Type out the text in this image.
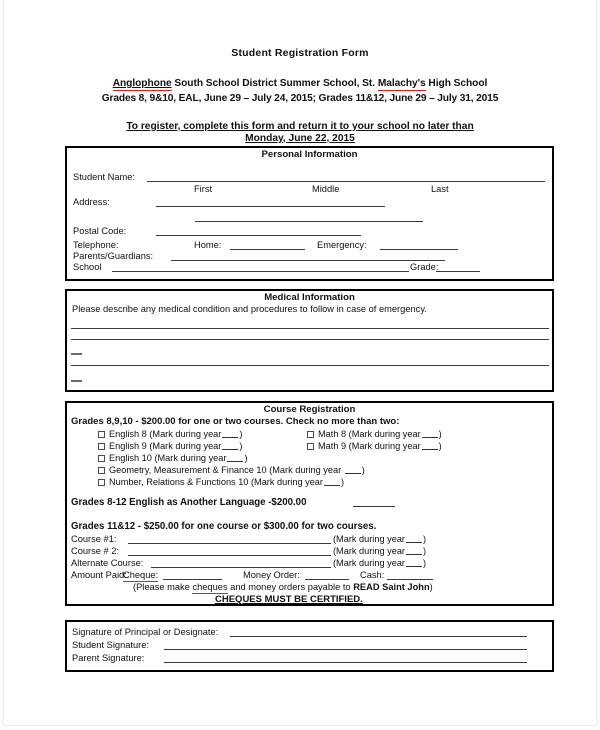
Student Registration Form
Anglophone South School District Summer School, St. Malachy's High School
Grades 8, 9&10, EAL, June 29 – July 24, 2015; Grades 11&12, June 29 – July 31, 2015
To register, complete this form and return it to your school no later than
Monday, June 22, 2015
Personal Information
Student Name:
First	Middle	Last
Address:
Postal Code:
Telephone:	Home:	Emergency:
Parents/Guardians:
School	Grade:
Medical Information
Please describe any medical condition and procedures to follow in case of emergency.
Course Registration
Grades 8,9,10 - $200.00 for one or two courses. Check no more than two:
English 8 (Mark during year )
English 9 (Mark during year )
English 10 (Mark during year )
Geometry, Measurement & Finance 10 (Mark during year )
Number, Relations & Functions 10 (Mark during year )
Math 8 (Mark during year )
Math 9 (Mark during year )
Grades 8-12 English as Another Language -$200.00
Grades 11&12 - $250.00 for one course or $300.00 for two courses.
Course #1:	(Mark during year )
Course # 2:	(Mark during year )
Alternate Course:	(Mark during year )
Amount Paid:
Cheque:	Money Order:	Cash:
(Please make cheques and money orders payable to READ Saint John)
CHEQUES MUST BE CERTIFIED.
Signature of Principal or Designate:
Student Signature:
Parent Signature:
